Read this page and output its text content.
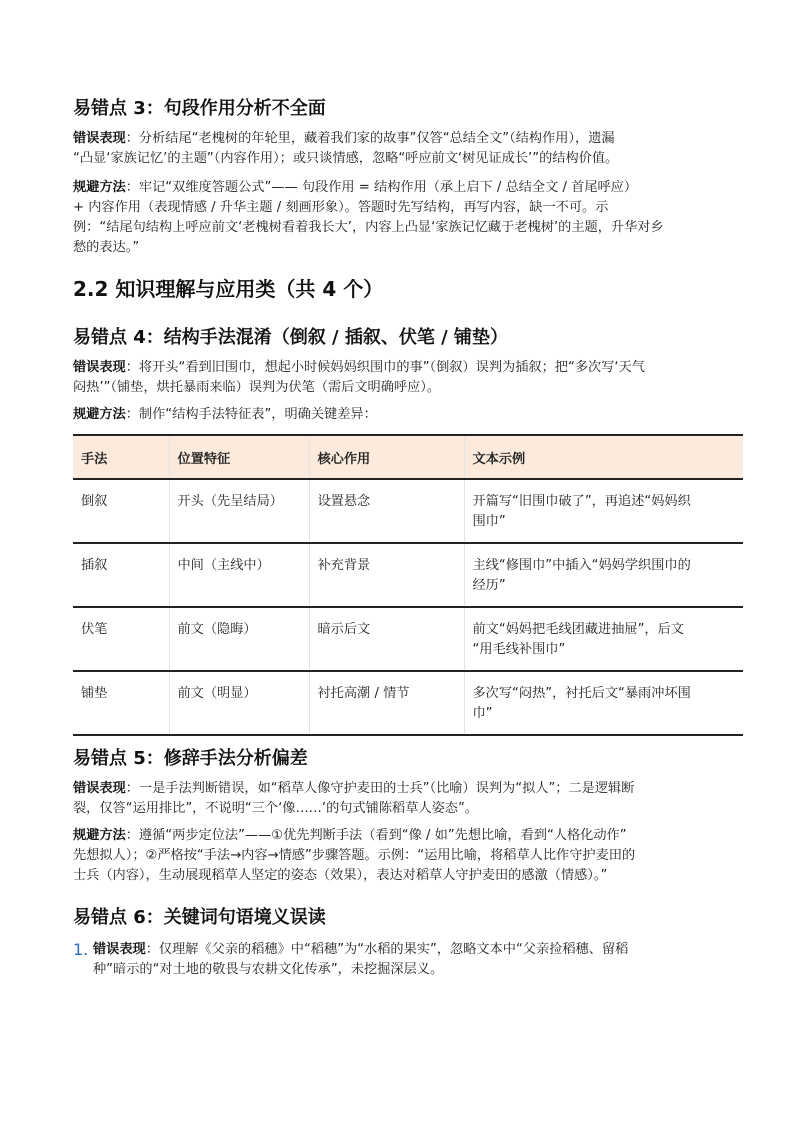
易错点 3：句段作用分析不全面

错误表现：分析结尾“老槐树的年轮里，藏着我们家的故事”仅答“总结全文”（结构作用），遗漏

“凸显‘家族记忆’的主题”（内容作用）；或只谈情感，忽略“呼应前文‘树见证成长’”的结构价值。

规避方法：牢记“双维度答题公式”—— 句段作用 = 结构作用（承上启下 / 总结全文 / 首尾呼应）

+ 内容作用（表现情感 / 升华主题 / 刻画形象）。答题时先写结构，再写内容，缺一不可。示

例：“结尾句结构上呼应前文‘老槐树看着我长大’，内容上凸显‘家族记忆藏于老槐树’的主题，升华对乡

愁的表达。”

2.2 知识理解与应用类（共 4 个）
易错点 4：结构手法混淆（倒叙 / 插叙、伏笔 / 铺垫）

错误表现：将开头“看到旧围巾，想起小时候妈妈织围巾的事”（倒叙）误判为插叙；把“多次写‘天气

闷热’”（铺垫，烘托暴雨来临）误判为伏笔（需后文明确呼应）。

规避方法：制作“结构手法特征表”，明确关键差异：

手法	位置特征	核心作用	文本示例
倒叙	开头（先呈结局）	设置悬念	开篇写“旧围巾破了”，再追述“妈妈织
围巾”

插叙	中间（主线中）	补充背景	主线“修围巾”中插入“妈妈学织围巾的
经历”

伏笔	前文（隐晦）	暗示后文	前文“妈妈把毛线团藏进抽屉”，后文
“用毛线补围巾”

铺垫	前文（明显）	衬托高潮 / 情节	多次写“闷热”，衬托后文“暴雨冲坏围
巾”
易错点 5：修辞手法分析偏差

错误表现：一是手法判断错误，如“稻草人像守护麦田的士兵”（比喻）误判为“拟人”；二是逻辑断

裂，仅答“运用排比”，不说明“三个‘像……’的句式铺陈稻草人姿态”。

规避方法：遵循“两步定位法”——①优先判断手法（看到“像 / 如”先想比喻，看到“人格化动作”

先想拟人）；②严格按“手法→内容→情感”步骤答题。示例：“运用比喻，将稻草人比作守护麦田的

士兵（内容），生动展现稻草人坚定的姿态（效果），表达对稻草人守护麦田的感激（情感）。”

易错点 6：关键词句语境义误读
1. 错误表现：仅理解《父亲的稻穗》中“稻穗”为“水稻的果实”，忽略文本中“父亲捡稻穗、留稻

种”暗示的“对土地的敬畏与农耕文化传承”，未挖掘深层义。
